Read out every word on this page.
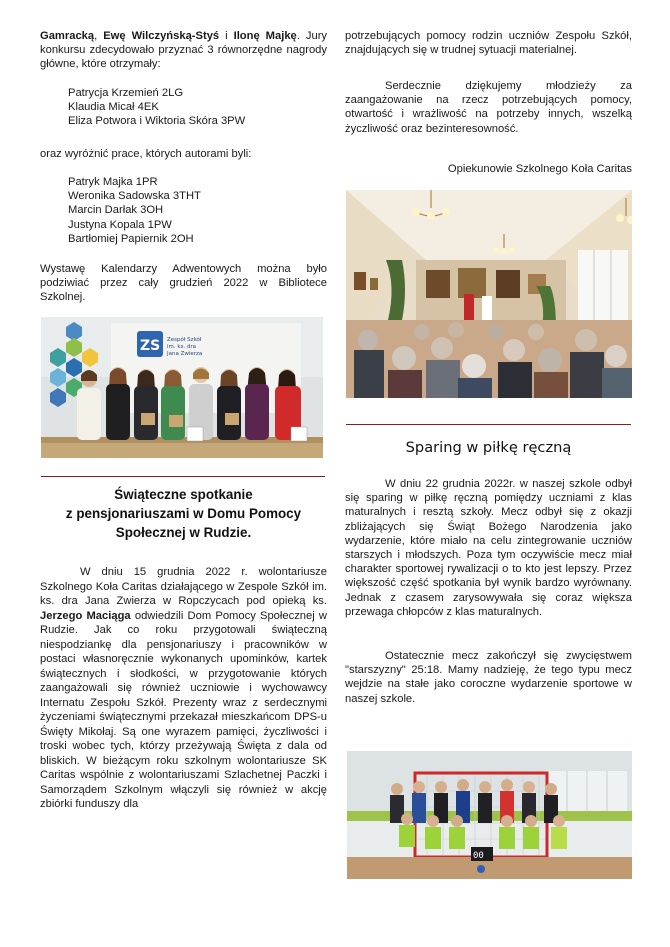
Gamracką, Ewę Wilczyńską-Styś i Ilonę Majkę. Jury konkursu zdecydowało przyznać 3 równorzędne nagrody główne, które otrzymały:

Patrycja Krzemień 2LG
Klaudia Micał 4EK
Eliza Potwora i Wiktoria Skóra 3PW

oraz wyróżnić prace, których autorami byli:

Patryk Majka 1PR
Weronika Sadowska 3THT
Marcin Darłak 3OH
Justyna Kopala 1PW
Bartłomiej Papiernik 2OH

Wystawę Kalendarzy Adwentowych można było podziwiać przez cały grudzień 2022 w Bibliotece Szkolnej.

ZS Zespół Szkół
im. ks. dra
Jana Zwierza
Świąteczne spotkanie
z pensjonariuszami w Domu Pomocy
Społecznej w Rudzie.

W dniu 15 grudnia 2022 r. wolontariusze Szkolnego Koła Caritas działającego w Zespole Szkół im. ks. dra Jana Zwierza w Ropczycach pod opieką ks. Jerzego Maciąga odwiedzili Dom Pomocy Społecznej w Rudzie. Jak co roku przygotowali świąteczną niespodziankę dla pensjonariuszy i pracowników w postaci własnoręcznie wykonanych upominków, kartek świątecznych i słodkości, w przygotowanie których zaangażowali się również uczniowie i wychowawcy Internatu Zespołu Szkół. Prezenty wraz z serdecznymi życzeniami świątecznymi przekazał mieszkańcom DPS-u Święty Mikołaj. Są one wyrazem pamięci, życzliwości i troski wobec tych, którzy przeżywają Święta z dala od bliskich. W bieżącym roku szkolnym wolontariusze SK Caritas wspólnie z wolontariuszami Szlachetnej Paczki i Samorządem Szkolnym włączyli się również w akcję zbiórki funduszy dla

potrzebujących pomocy rodzin uczniów Zespołu Szkół, znajdujących się w trudnej sytuacji materialnej.

Serdecznie dziękujemy młodzieży za zaangażowanie na rzecz potrzebujących pomocy, otwartość i wrażliwość na potrzeby innych, wszelką życzliwość oraz bezinteresowność.

Opiekunowie Szkolnego Koła Caritas

Sparing w piłkę ręczną

W dniu 22 grudnia 2022r. w naszej szkole odbył się sparing w piłkę ręczną pomiędzy uczniami z klas maturalnych i resztą szkoły. Mecz odbył się z okazji zbliżających się Świąt Bożego Narodzenia jako wydarzenie, które miało na celu zintegrowanie uczniów starszych i młodszych. Poza tym oczywiście mecz miał charakter sportowej rywalizacji o to kto jest lepszy. Przez większość część spotkania był wynik bardzo wyrównany. Jednak z czasem zarysowywała się coraz większa przewaga chłopców z klas maturalnych.

Ostatecznie mecz zakończył się zwycięstwem "starszyzny" 25:18. Mamy nadzieję, że tego typu mecz wejdzie na stałe jako coroczne wydarzenie sportowe w naszej szkole.

00
